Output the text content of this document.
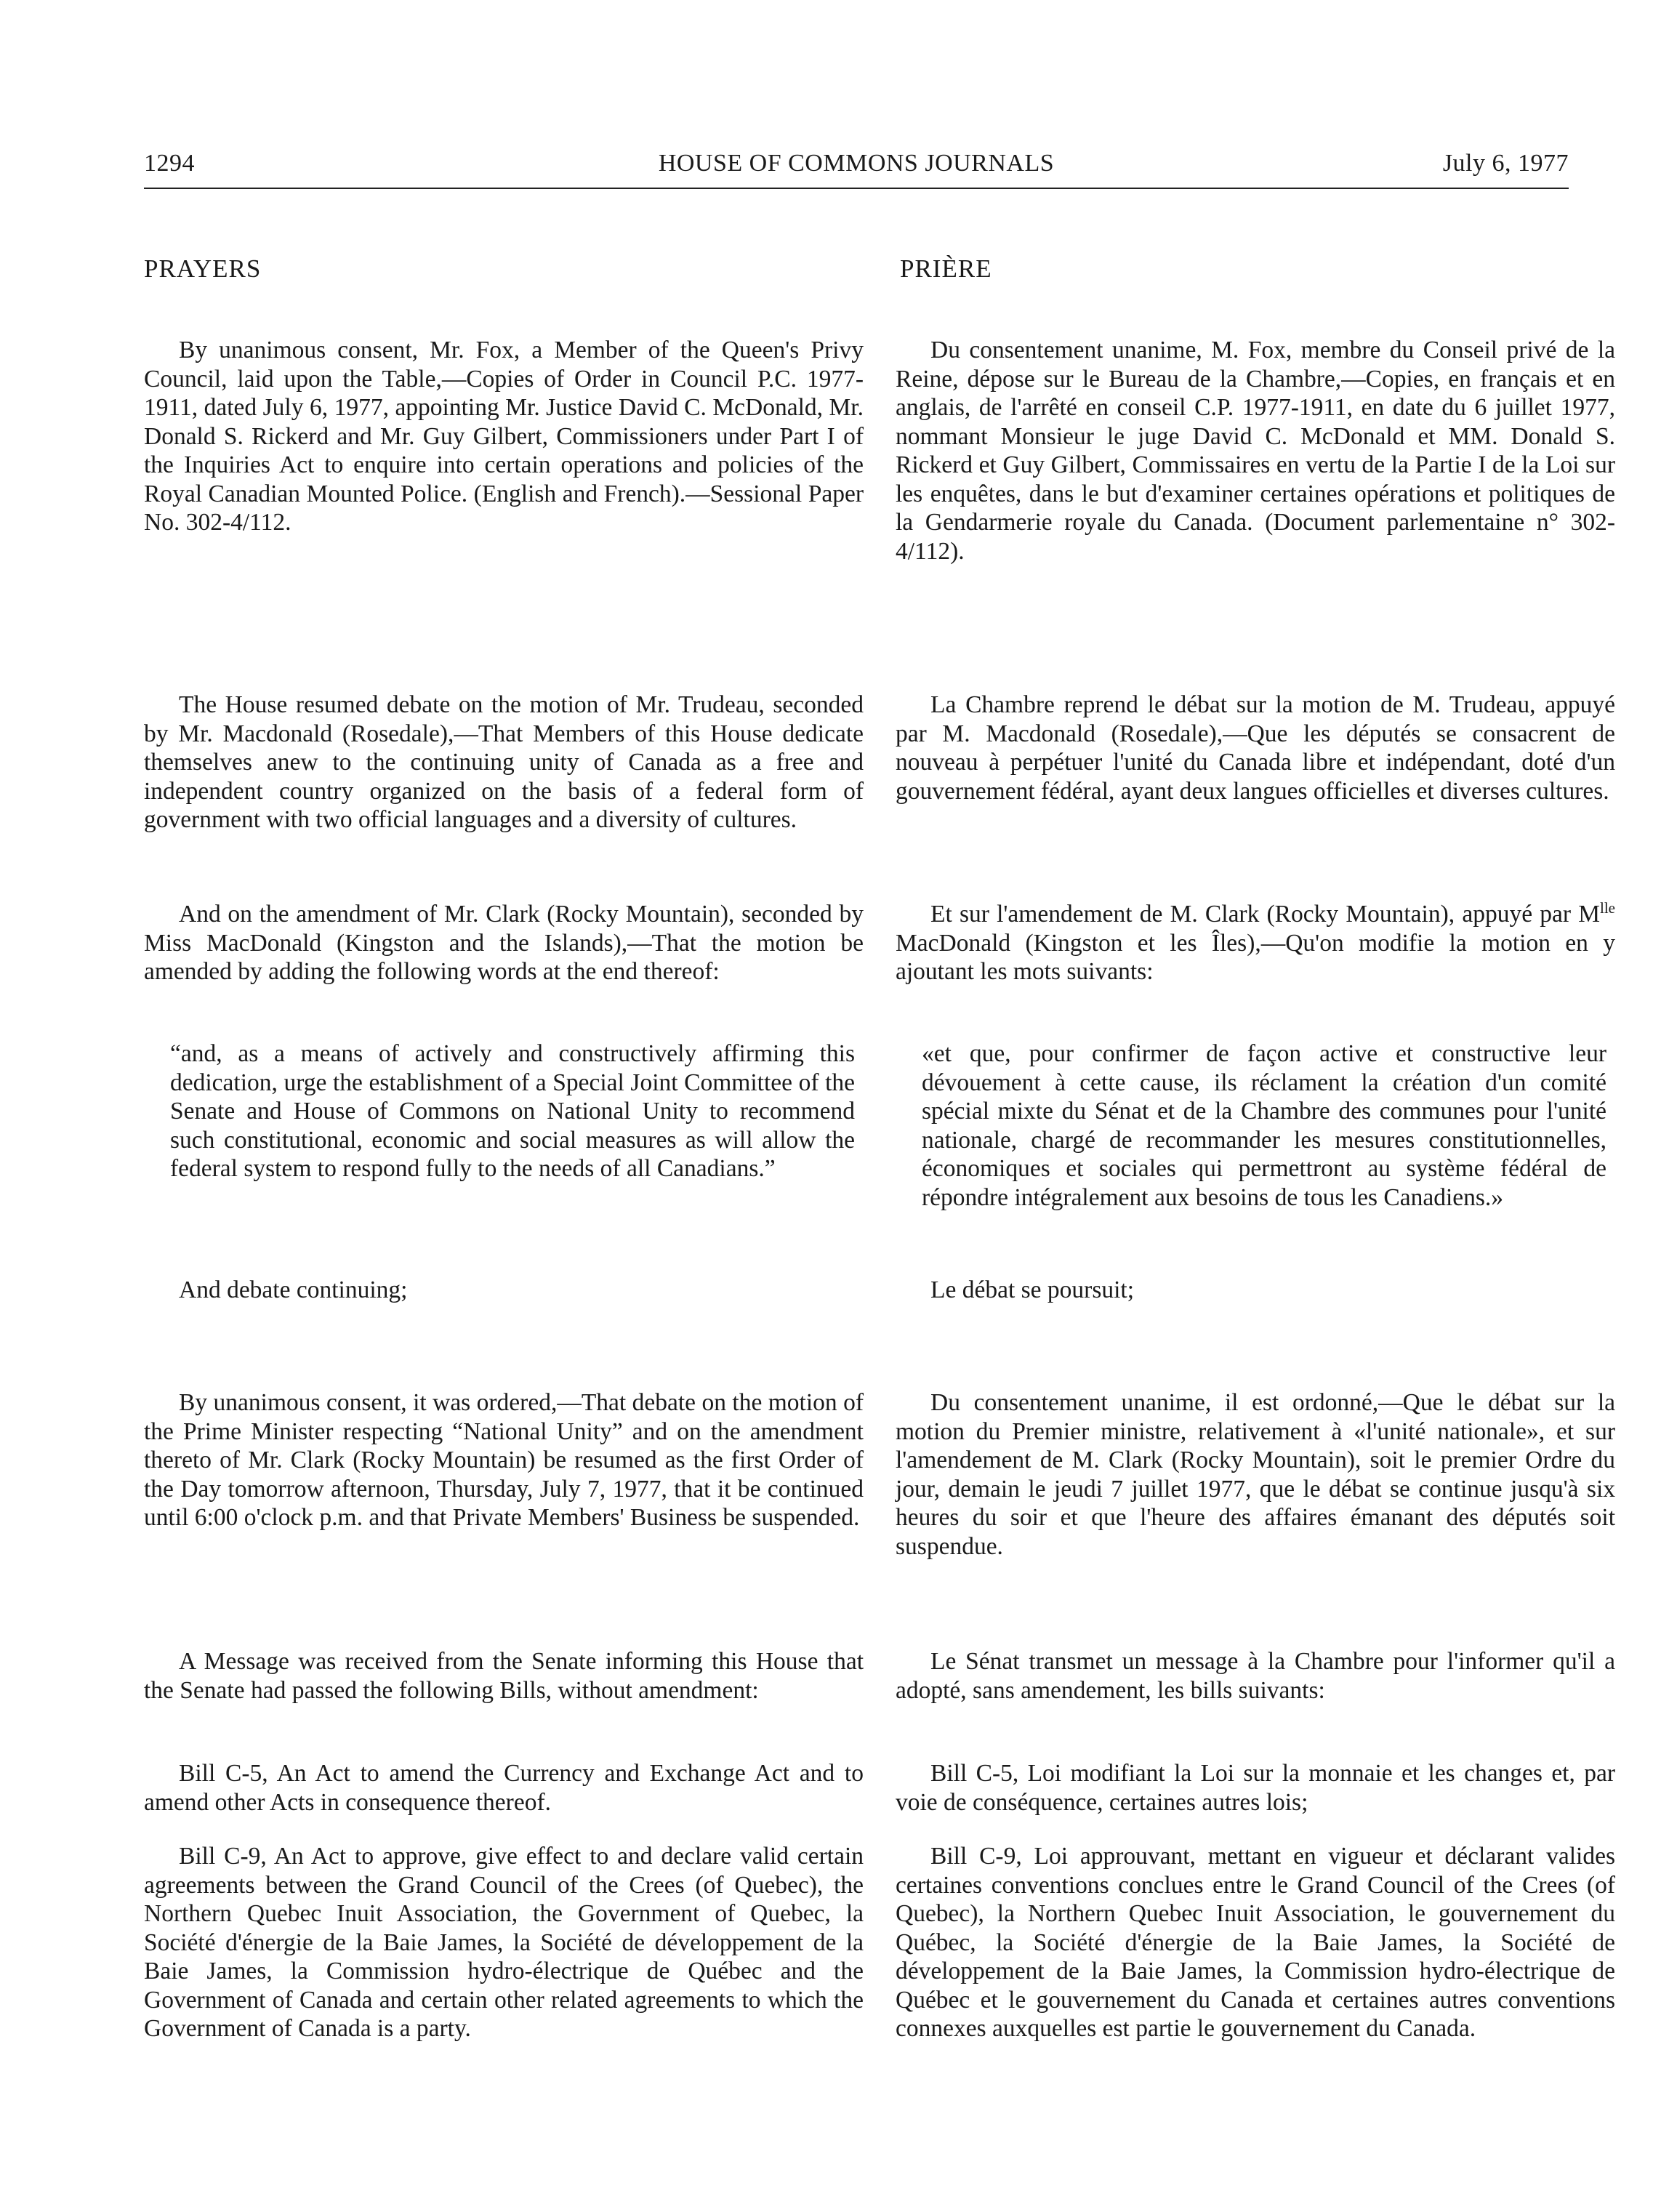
1294	HOUSE OF COMMONS JOURNALS	July 6, 1977
PRAYERS

By unanimous consent, Mr. Fox, a Member of the Queen's Privy Council, laid upon the Table,—Copies of Order in Council P.C. 1977-1911, dated July 6, 1977, appointing Mr. Justice David C. McDonald, Mr. Donald S. Rickerd and Mr. Guy Gilbert, Commissioners under Part I of the Inquiries Act to enquire into certain operations and policies of the Royal Canadian Mounted Police. (English and French).—Sessional Paper No. 302-4/112.

The House resumed debate on the motion of Mr. Trudeau, seconded by Mr. Macdonald (Rosedale),—That Members of this House dedicate themselves anew to the continuing unity of Canada as a free and independent country organized on the basis of a federal form of government with two official languages and a diversity of cultures.

And on the amendment of Mr. Clark (Rocky Mountain), seconded by Miss MacDonald (Kingston and the Islands),—That the motion be amended by adding the following words at the end thereof:

“and, as a means of actively and constructively affirming this dedication, urge the establishment of a Special Joint Committee of the Senate and House of Commons on National Unity to recommend such constitutional, economic and social measures as will allow the federal system to respond fully to the needs of all Canadians.”

And debate continuing;

By unanimous consent, it was ordered,—That debate on the motion of the Prime Minister respecting “National Unity” and on the amendment thereto of Mr. Clark (Rocky Mountain) be resumed as the first Order of the Day tomorrow afternoon, Thursday, July 7, 1977, that it be continued until 6:00 o'clock p.m. and that Private Members' Business be suspended.

A Message was received from the Senate informing this House that the Senate had passed the following Bills, without amendment:

Bill C-5, An Act to amend the Currency and Exchange Act and to amend other Acts in consequence thereof.

Bill C-9, An Act to approve, give effect to and declare valid certain agreements between the Grand Council of the Crees (of Quebec), the Northern Quebec Inuit Association, the Government of Quebec, la Société d'énergie de la Baie James, la Société de développement de la Baie James, la Commission hydro-électrique de Québec and the Government of Canada and certain other related agreements to which the Government of Canada is a party.

PRIÈRE

Du consentement unanime, M. Fox, membre du Conseil privé de la Reine, dépose sur le Bureau de la Chambre,—Copies, en français et en anglais, de l'arrêté en conseil C.P. 1977-1911, en date du 6 juillet 1977, nommant Monsieur le juge David C. McDonald et MM. Donald S. Rickerd et Guy Gilbert, Commissaires en vertu de la Partie I de la Loi sur les enquêtes, dans le but d'examiner certaines opérations et politiques de la Gendarmerie royale du Canada. (Document parlementaine n° 302-4/112).

La Chambre reprend le débat sur la motion de M. Trudeau, appuyé par M. Macdonald (Rosedale),—Que les députés se consacrent de nouveau à perpétuer l'unité du Canada libre et indépendant, doté d'un gouvernement fédéral, ayant deux langues officielles et diverses cultures.

Et sur l'amendement de M. Clark (Rocky Mountain), appuyé par $M^{lle}$ MacDonald (Kingston et les Îles),—Qu'on modifie la motion en y ajoutant les mots suivants:

«et que, pour confirmer de façon active et constructive leur dévouement à cette cause, ils réclament la création d'un comité spécial mixte du Sénat et de la Chambre des communes pour l'unité nationale, chargé de recommander les mesures constitutionnelles, économiques et sociales qui permettront au système fédéral de répondre intégralement aux besoins de tous les Canadiens.»

Le débat se poursuit;

Du consentement unanime, il est ordonné,—Que le débat sur la motion du Premier ministre, relativement à «l'unité nationale», et sur l'amendement de M. Clark (Rocky Mountain), soit le premier Ordre du jour, demain le jeudi 7 juillet 1977, que le débat se continue jusqu'à six heures du soir et que l'heure des affaires émanant des députés soit suspendue.

Le Sénat transmet un message à la Chambre pour l'informer qu'il a adopté, sans amendement, les bills suivants:

Bill C-5, Loi modifiant la Loi sur la monnaie et les changes et, par voie de conséquence, certaines autres lois;

Bill C-9, Loi approuvant, mettant en vigueur et déclarant valides certaines conventions conclues entre le Grand Council of the Crees (of Quebec), la Northern Quebec Inuit Association, le gouvernement du Québec, la Société d'énergie de la Baie James, la Société de développement de la Baie James, la Commission hydro-électrique de Québec et le gouvernement du Canada et certaines autres conventions connexes auxquelles est partie le gouvernement du Canada.
